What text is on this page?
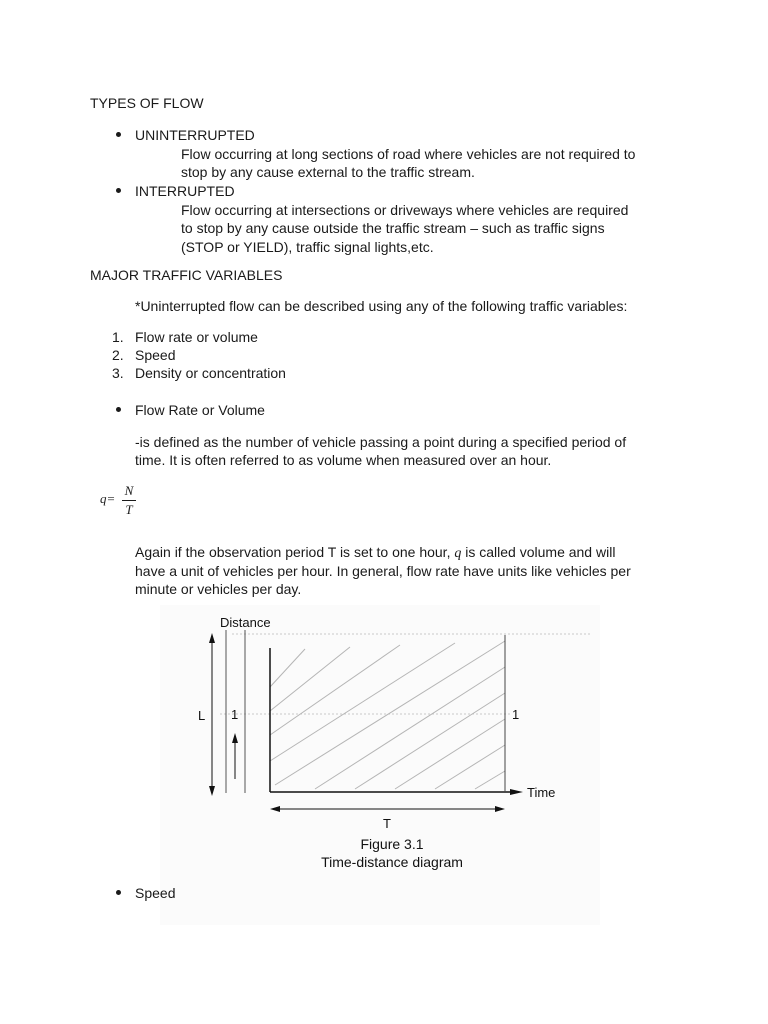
TYPES OF FLOW
UNINTERRUPTED
Flow occurring at long sections of road where vehicles are not required to
stop by any cause external to the traffic stream.
INTERRUPTED
Flow occurring at intersections or driveways where vehicles are required
to stop by any cause outside the traffic stream – such as traffic signs
(STOP or YIELD), traffic signal lights,etc.
MAJOR TRAFFIC VARIABLES
*Uninterrupted flow can be described using any of the following traffic variables:
1. Flow rate or volume
2. Speed
3. Density or concentration
Flow Rate or Volume
-is defined as the number of vehicle passing a point during a specified period of
time. It is often referred to as volume when measured over an hour.
q=
N
T
Again if the observation period T is set to one hour, q is called volume and will
have a unit of vehicles per hour. In general, flow rate have units like vehicles per
minute or vehicles per day.
Distance
Time
L 1	1
T
Figure 3.1
Time-distance diagram
Speed
